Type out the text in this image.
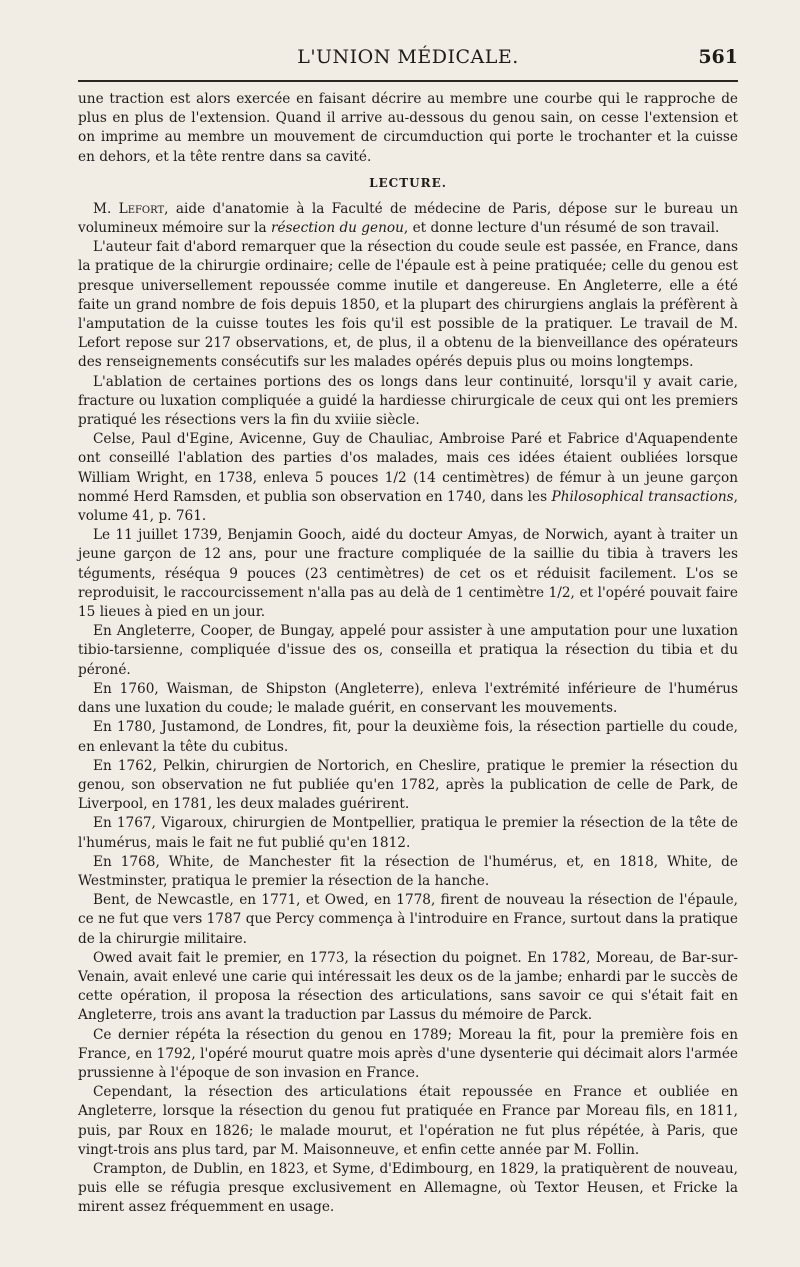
L'UNION MÉDICALE.	561

une traction est alors exercée en faisant décrire au membre une courbe qui le rapproche de plus en plus de l'extension. Quand il arrive au-dessous du genou sain, on cesse l'extension et on imprime au membre un mouvement de circumduction qui porte le trochanter et la cuisse en dehors, et la tête rentre dans sa cavité.

LECTURE.

M. Lefort, aide d'anatomie à la Faculté de médecine de Paris, dépose sur le bureau un volumineux mémoire sur la résection du genou, et donne lecture d'un résumé de son travail.

L'auteur fait d'abord remarquer que la résection du coude seule est passée, en France, dans la pratique de la chirurgie ordinaire; celle de l'épaule est à peine pratiquée; celle du genou est presque universellement repoussée comme inutile et dangereuse. En Angleterre, elle a été faite un grand nombre de fois depuis 1850, et la plupart des chirurgiens anglais la préfèrent à l'amputation de la cuisse toutes les fois qu'il est possible de la pratiquer. Le travail de M. Lefort repose sur 217 observations, et, de plus, il a obtenu de la bienveillance des opérateurs des renseignements consécutifs sur les malades opérés depuis plus ou moins longtemps.

L'ablation de certaines portions des os longs dans leur continuité, lorsqu'il y avait carie, fracture ou luxation compliquée a guidé la hardiesse chirurgicale de ceux qui ont les premiers pratiqué les résections vers la fin du xviiie siècle.

Celse, Paul d'Egine, Avicenne, Guy de Chauliac, Ambroise Paré et Fabrice d'Aquapendente ont conseillé l'ablation des parties d'os malades, mais ces idées étaient oubliées lorsque William Wright, en 1738, enleva 5 pouces 1/2 (14 centimètres) de fémur à un jeune garçon nommé Herd Ramsden, et publia son observation en 1740, dans les Philosophical transactions, volume 41, p. 761.

Le 11 juillet 1739, Benjamin Gooch, aidé du docteur Amyas, de Norwich, ayant à traiter un jeune garçon de 12 ans, pour une fracture compliquée de la saillie du tibia à travers les téguments, réséqua 9 pouces (23 centimètres) de cet os et réduisit facilement. L'os se reproduisit, le raccourcissement n'alla pas au delà de 1 centimètre 1/2, et l'opéré pouvait faire 15 lieues à pied en un jour.

En Angleterre, Cooper, de Bungay, appelé pour assister à une amputation pour une luxation tibio-tarsienne, compliquée d'issue des os, conseilla et pratiqua la résection du tibia et du péroné.

En 1760, Waisman, de Shipston (Angleterre), enleva l'extrémité inférieure de l'humérus dans une luxation du coude; le malade guérit, en conservant les mouvements.

En 1780, Justamond, de Londres, fit, pour la deuxième fois, la résection partielle du coude, en enlevant la tête du cubitus.

En 1762, Pelkin, chirurgien de Nortorich, en Cheslire, pratique le premier la résection du genou, son observation ne fut publiée qu'en 1782, après la publication de celle de Park, de Liverpool, en 1781, les deux malades guérirent.

En 1767, Vigaroux, chirurgien de Montpellier, pratiqua le premier la résection de la tête de l'humérus, mais le fait ne fut publié qu'en 1812.

En 1768, White, de Manchester fit la résection de l'humérus, et, en 1818, White, de Westminster, pratiqua le premier la résection de la hanche.

Bent, de Newcastle, en 1771, et Owed, en 1778, firent de nouveau la résection de l'épaule, ce ne fut que vers 1787 que Percy commença à l'introduire en France, surtout dans la pratique de la chirurgie militaire.

Owed avait fait le premier, en 1773, la résection du poignet. En 1782, Moreau, de Bar-sur-Venain, avait enlevé une carie qui intéressait les deux os de la jambe; enhardi par le succès de cette opération, il proposa la résection des articulations, sans savoir ce qui s'était fait en Angleterre, trois ans avant la traduction par Lassus du mémoire de Parck.

Ce dernier répéta la résection du genou en 1789; Moreau la fit, pour la première fois en France, en 1792, l'opéré mourut quatre mois après d'une dysenterie qui décimait alors l'armée prussienne à l'époque de son invasion en France.

Cependant, la résection des articulations était repoussée en France et oubliée en Angleterre, lorsque la résection du genou fut pratiquée en France par Moreau fils, en 1811, puis, par Roux en 1826; le malade mourut, et l'opération ne fut plus répétée, à Paris, que vingt-trois ans plus tard, par M. Maisonneuve, et enfin cette année par M. Follin.

Crampton, de Dublin, en 1823, et Syme, d'Edimbourg, en 1829, la pratiquèrent de nouveau, puis elle se réfugia presque exclusivement en Allemagne, où Textor Heusen, et Fricke la mirent assez fréquemment en usage.
